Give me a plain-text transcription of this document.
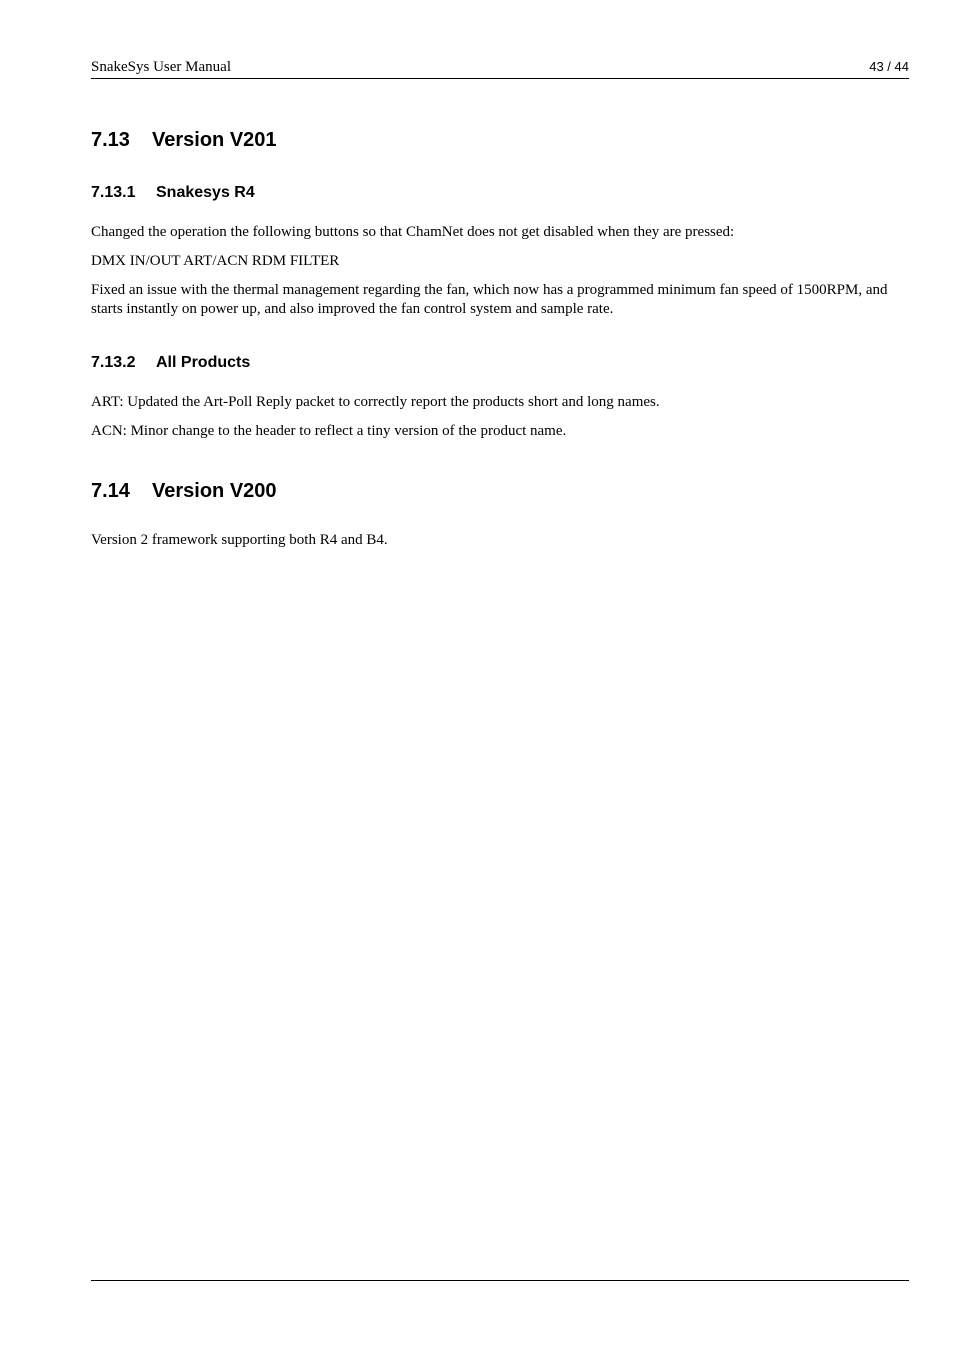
SnakeSys User Manual	43 / 44
7.13 Version V201
7.13.1 Snakesys R4

Changed the operation the following buttons so that ChamNet does not get disabled when they are pressed:

DMX IN/OUT ART/ACN RDM FILTER

Fixed an issue with the thermal management regarding the fan, which now has a programmed minimum fan speed of 1500RPM, and starts instantly on power up, and also improved the fan control system and sample rate.

7.13.2 All Products

ART: Updated the Art-Poll Reply packet to correctly report the products short and long names.

ACN: Minor change to the header to reflect a tiny version of the product name.

7.14 Version V200

Version 2 framework supporting both R4 and B4.
